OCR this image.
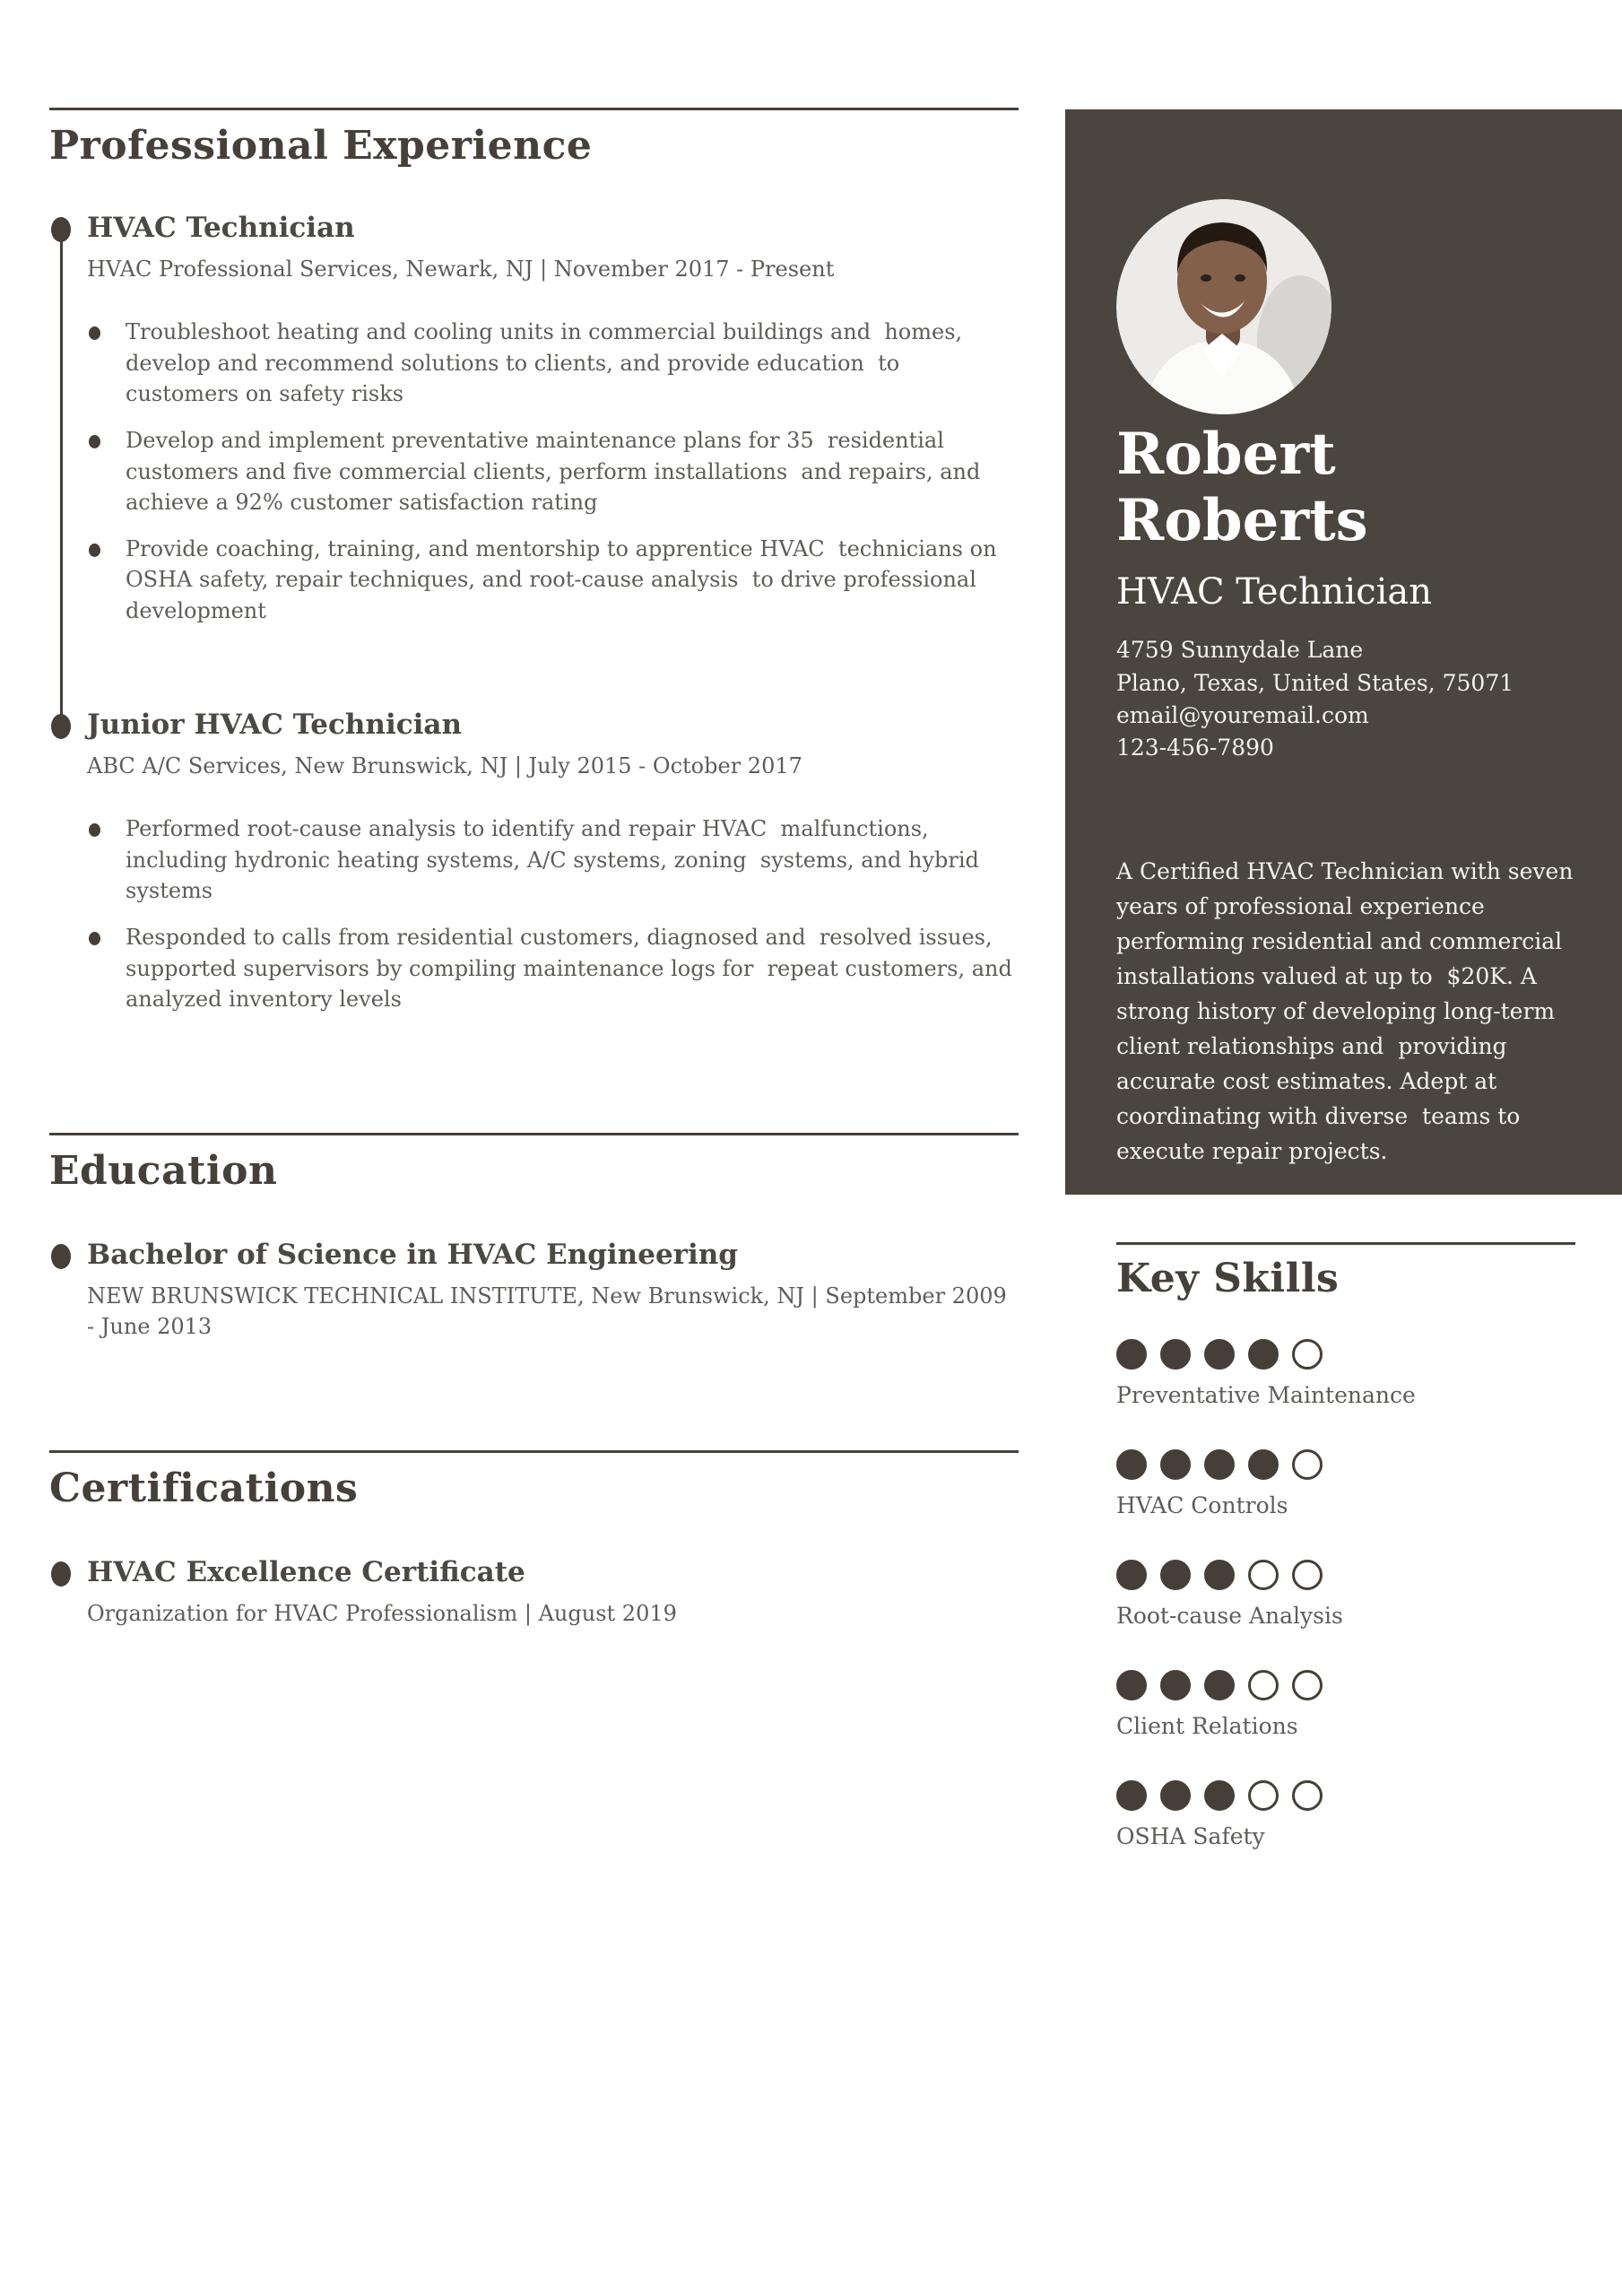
Professional Experience
HVAC Technician

HVAC Professional Services, Newark, NJ | November 2017 - Present

Troubleshoot heating and cooling units in commercial buildings and  homes, develop and recommend solutions to clients, and provide education  to customers on safety risks
Develop and implement preventative maintenance plans for 35  residential customers and five commercial clients, perform installations  and repairs, and achieve a 92% customer satisfaction rating
Provide coaching, training, and mentorship to apprentice HVAC  technicians on OSHA safety, repair techniques, and root-cause analysis  to drive professional development
Junior HVAC Technician

ABC A/C Services, New Brunswick, NJ | July 2015 - October 2017

Performed root-cause analysis to identify and repair HVAC  malfunctions, including hydronic heating systems, A/C systems, zoning  systems, and hybrid systems
Responded to calls from residential customers, diagnosed and  resolved issues, supported supervisors by compiling maintenance logs for  repeat customers, and analyzed inventory levels
Education
Bachelor of Science in HVAC Engineering

NEW BRUNSWICK TECHNICAL INSTITUTE, New Brunswick, NJ | September 2009 - June 2013

Certifications
HVAC Excellence Certificate

Organization for HVAC Professionalism | August 2019

Robert
Roberts

HVAC Technician

4759 Sunnydale Lane

Plano, Texas, United States, 75071

email@youremail.com

123-456-7890

A Certified HVAC Technician with seven years of professional experience  performing residential and commercial installations valued at up to  $20K. A strong history of developing long-term client relationships and  providing accurate cost estimates. Adept at coordinating with diverse  teams to execute repair projects.

Key Skills

Preventative Maintenance

HVAC Controls

Root-cause Analysis

Client Relations

OSHA Safety
